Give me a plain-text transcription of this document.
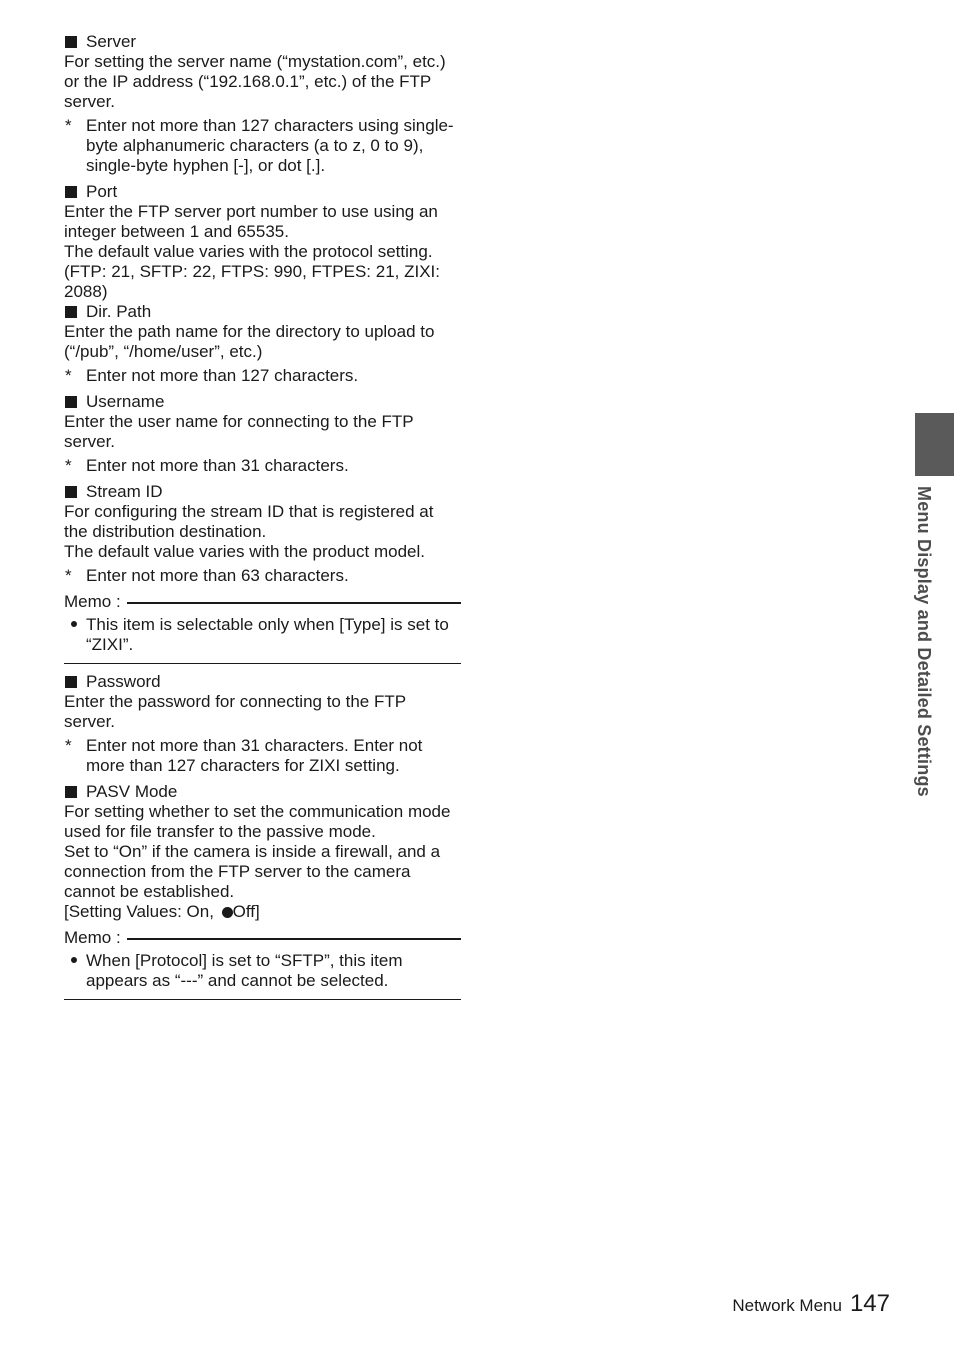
Server

For setting the server name (“mystation.com”, etc.) or the IP address (“192.168.0.1”, etc.) of the FTP server.

* Enter not more than 127 characters using single-byte alphanumeric characters (a to z, 0 to 9), single-byte hyphen [-], or dot [.].
Port

Enter the FTP server port number to use using an integer between 1 and 65535.

The default value varies with the protocol setting. (FTP: 21, SFTP: 22, FTPS: 990, FTPES: 21, ZIXI: 2088)

Dir. Path

Enter the path name for the directory to upload to (“/pub”, “/home/user”, etc.)

* Enter not more than 127 characters.
Username

Enter the user name for connecting to the FTP server.

* Enter not more than 31 characters.
Stream ID

For configuring the stream ID that is registered at the distribution destination.

The default value varies with the product model.

* Enter not more than 63 characters.
Memo :
This item is selectable only when [Type] is set to “ZIXI”.
Password

Enter the password for connecting to the FTP server.

* Enter not more than 31 characters. Enter not more than 127 characters for ZIXI setting.
PASV Mode

For setting whether to set the communication mode used for file transfer to the passive mode.

Set to “On” if the camera is inside a firewall, and a connection from the FTP server to the camera cannot be established.

[Setting Values: On, Off]

Memo :
When [Protocol] is set to “SFTP”, this item appears as “---” and cannot be selected.
Menu Display and Detailed Settings
Network Menu 147
